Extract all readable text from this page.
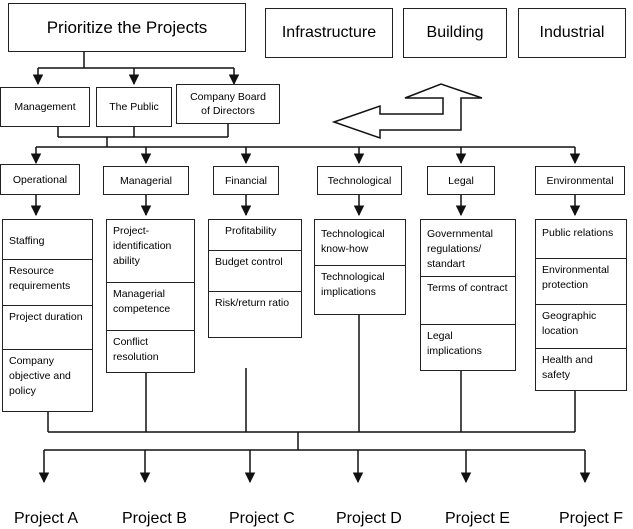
Prioritize the Projects	Infrastructure	Building	Industrial
Management	The Public
Company Board of Directors
Operational	Managerial	Financial	Technological	Legal	Environmental
Staffing
Resource requirements
Project duration
Company objective and policy
Project-identification ability
Managerial competence
Conflict resolution
Profitability
Budget control
Risk/return ratio
Technological know-how
Technological implications
Governmental regulations/ standart
Terms of contract
Legal implications
Public relations
Environmental protection
Geographic location
Health and safety
Project A	Project B	Project C	Project D	Project E	Project F
